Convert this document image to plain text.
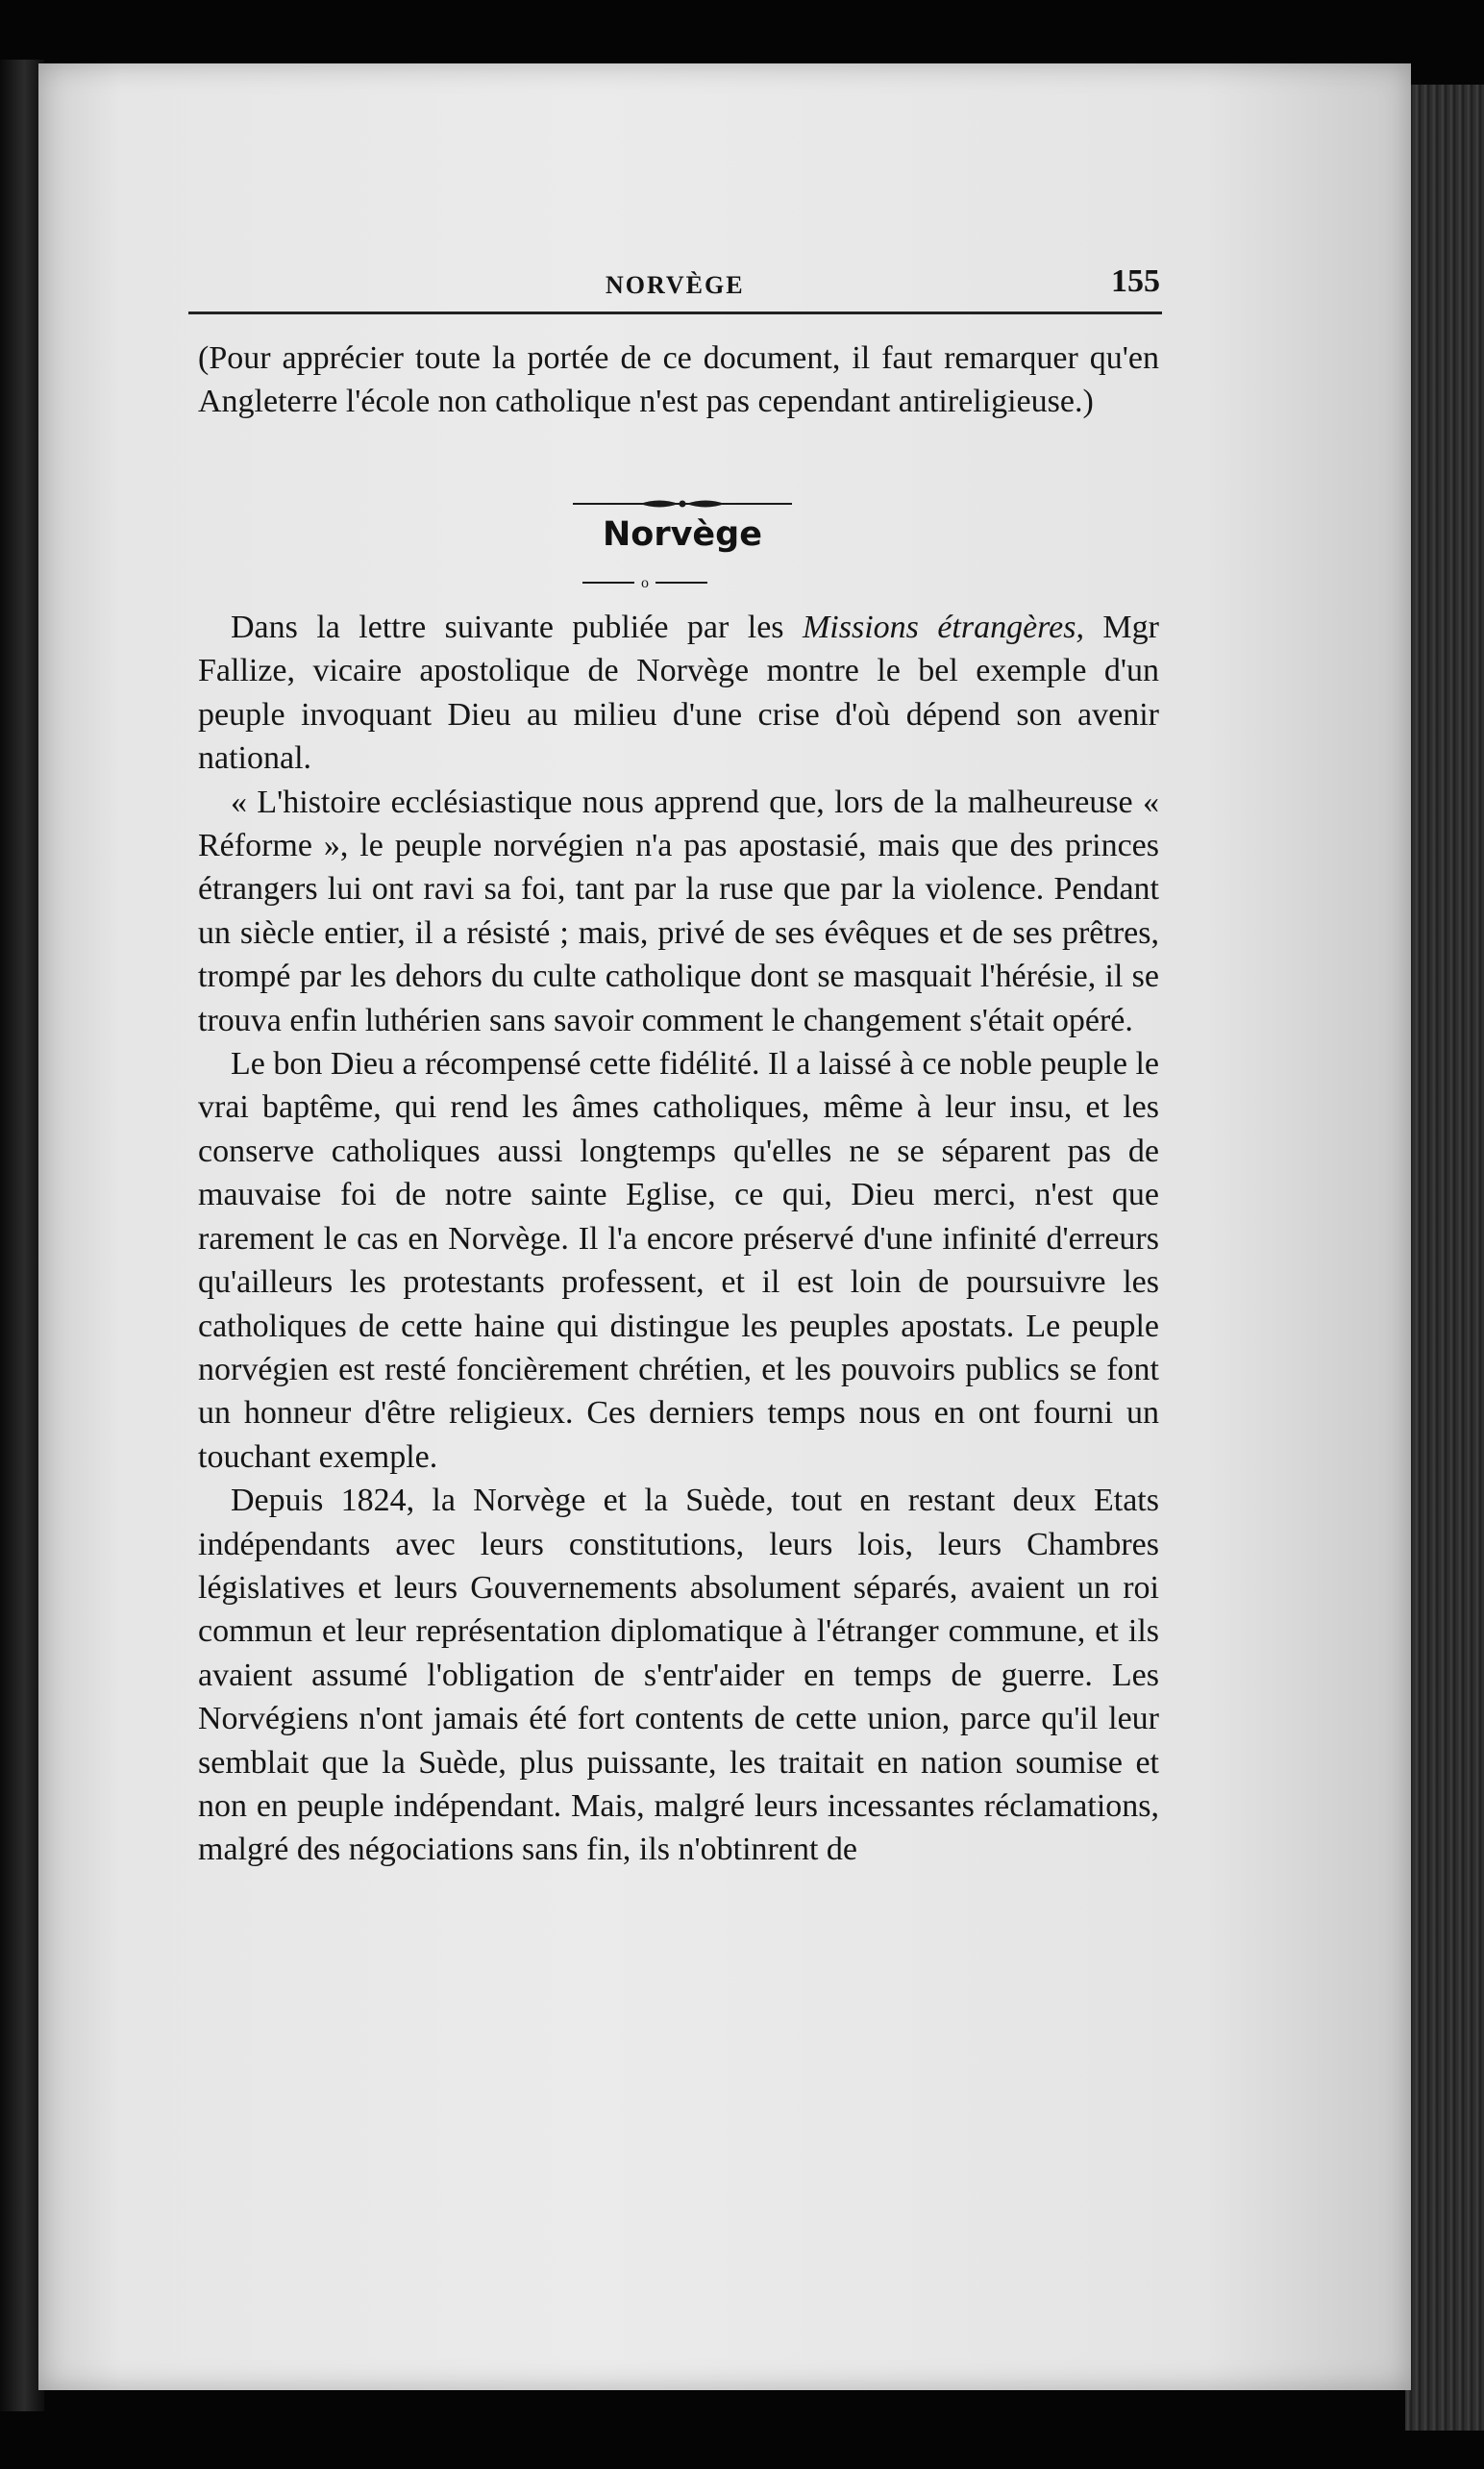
NORVÈGE	155

(Pour apprécier toute la portée de ce document, il faut remarquer qu'en Angleterre l'école non catholique n'est pas cependant antireligieuse.)

Norvège
o

Dans la lettre suivante publiée par les Missions étrangères, Mgr Fallize, vicaire apostolique de Norvège montre le bel exemple d'un peuple invoquant Dieu au milieu d'une crise d'où dépend son avenir national.

« L'histoire ecclésiastique nous apprend que, lors de la malheureuse « Réforme », le peuple norvégien n'a pas apostasié, mais que des princes étrangers lui ont ravi sa foi, tant par la ruse que par la violence. Pendant un siècle entier, il a résisté ; mais, privé de ses évêques et de ses prêtres, trompé par les dehors du culte catholique dont se masquait l'hérésie, il se trouva enfin luthérien sans savoir comment le changement s'était opéré.

Le bon Dieu a récompensé cette fidélité. Il a laissé à ce noble peuple le vrai baptême, qui rend les âmes catholiques, même à leur insu, et les conserve catholiques aussi longtemps qu'elles ne se séparent pas de mauvaise foi de notre sainte Eglise, ce qui, Dieu merci, n'est que rarement le cas en Norvège. Il l'a encore préservé d'une infinité d'erreurs qu'ailleurs les protestants professent, et il est loin de poursuivre les catholiques de cette haine qui distingue les peuples apostats. Le peuple norvégien est resté foncièrement chrétien, et les pouvoirs publics se font un honneur d'être religieux. Ces derniers temps nous en ont fourni un touchant exemple.

Depuis 1824, la Norvège et la Suède, tout en restant deux Etats indépendants avec leurs constitutions, leurs lois, leurs Chambres législatives et leurs Gouvernements absolument séparés, avaient un roi commun et leur représentation diplomatique à l'étranger commune, et ils avaient assumé l'obligation de s'entr'aider en temps de guerre. Les Norvégiens n'ont jamais été fort contents de cette union, parce qu'il leur semblait que la Suède, plus puissante, les traitait en nation soumise et non en peuple indépendant. Mais, malgré leurs incessantes réclamations, malgré des négociations sans fin, ils n'obtinrent de
